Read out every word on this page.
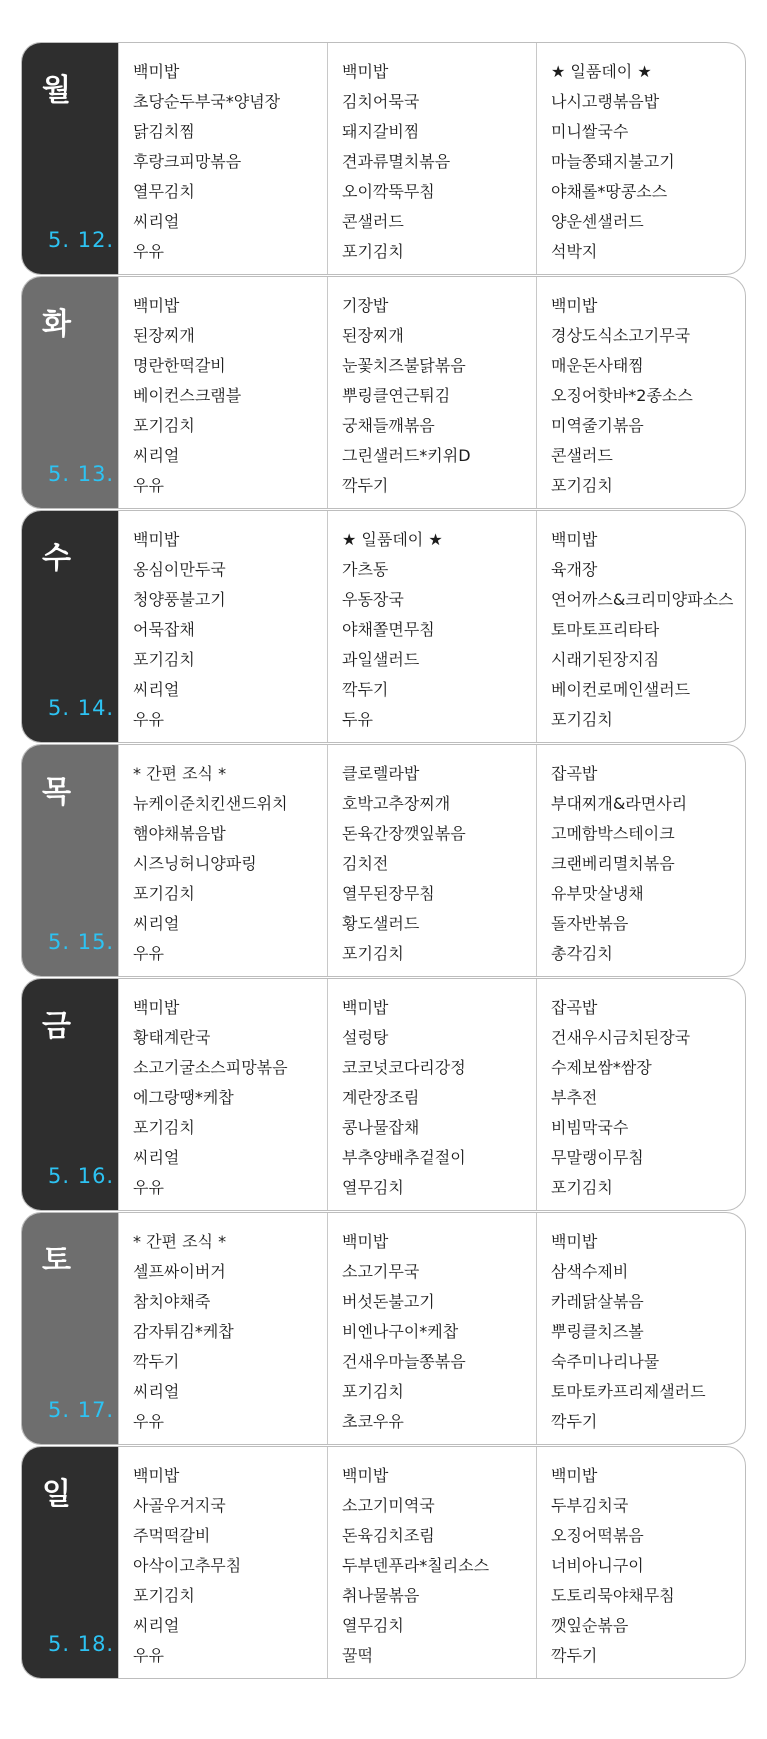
월
5. 12.
백미밥
초당순두부국*양념장
닭김치찜
후랑크피망볶음
열무김치
씨리얼
우유
백미밥
김치어묵국
돼지갈비찜
견과류멸치볶음
오이깍뚝무침
콘샐러드
포기김치
★ 일품데이 ★
나시고랭볶음밥
미니쌀국수
마늘쫑돼지불고기
야채롤*땅콩소스
양운센샐러드
석박지
화
5. 13.
백미밥
된장찌개
명란한떡갈비
베이컨스크램블
포기김치
씨리얼
우유
기장밥
된장찌개
눈꽃치즈불닭볶음
뿌링클연근튀김
궁채들깨볶음
그린샐러드*키위D
깍두기
백미밥
경상도식소고기무국
매운돈사태찜
오징어핫바*2종소스
미역줄기볶음
콘샐러드
포기김치
수
5. 14.
백미밥
옹심이만두국
청양풍불고기
어묵잡채
포기김치
씨리얼
우유
★ 일품데이 ★
가츠동
우동장국
야채쫄면무침
과일샐러드
깍두기
두유
백미밥
육개장
연어까스&크리미양파소스
토마토프리타타
시래기된장지짐
베이컨로메인샐러드
포기김치
목
5. 15.
* 간편 조식 *
뉴케이준치킨샌드위치
햄야채볶음밥
시즈닝허니양파링
포기김치
씨리얼
우유
클로렐라밥
호박고추장찌개
돈육간장깻잎볶음
김치전
열무된장무침
황도샐러드
포기김치
잡곡밥
부대찌개&라면사리
고메함박스테이크
크랜베리멸치볶음
유부맛살냉채
돌자반볶음
총각김치
금
5. 16.
백미밥
황태계란국
소고기굴소스피망볶음
에그랑땡*케찹
포기김치
씨리얼
우유
백미밥
설렁탕
코코넛코다리강정
계란장조림
콩나물잡채
부추양배추겉절이
열무김치
잡곡밥
건새우시금치된장국
수제보쌈*쌈장
부추전
비빔막국수
무말랭이무침
포기김치
토
5. 17.
* 간편 조식 *
셀프싸이버거
참치야채죽
감자튀김*케찹
깍두기
씨리얼
우유
백미밥
소고기무국
버섯돈불고기
비엔나구이*케찹
건새우마늘쫑볶음
포기김치
초코우유
백미밥
삼색수제비
카레닭살볶음
뿌링클치즈볼
숙주미나리나물
토마토카프리제샐러드
깍두기
일
5. 18.
백미밥
사골우거지국
주먹떡갈비
아삭이고추무침
포기김치
씨리얼
우유
백미밥
소고기미역국
돈육김치조림
두부덴푸라*칠리소스
취나물볶음
열무김치
꿀떡
백미밥
두부김치국
오징어떡볶음
너비아니구이
도토리묵야채무침
깻잎순볶음
깍두기
